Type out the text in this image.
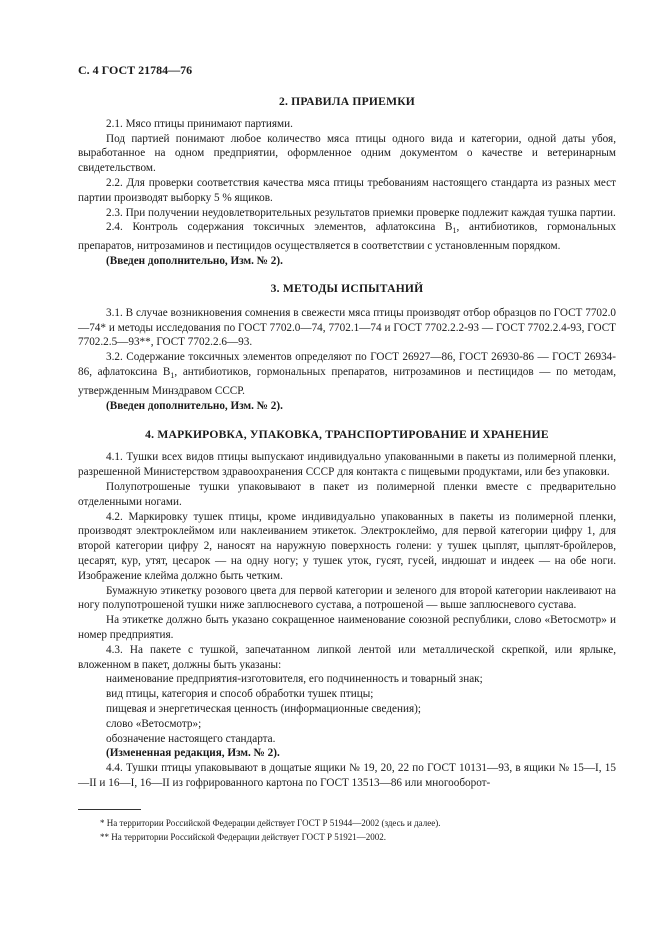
С. 4 ГОСТ 21784—76
2. ПРАВИЛА ПРИЕМКИ

2.1. Мясо птицы принимают партиями.

Под партией понимают любое количество мяса птицы одного вида и категории, одной даты убоя, выработанное на одном предприятии, оформленное одним документом о качестве и ветеринарным свидетельством.

2.2. Для проверки соответствия качества мяса птицы требованиям настоящего стандарта из разных мест партии производят выборку 5 % ящиков.

2.3. При получении неудовлетворительных результатов приемки проверке подлежит каждая тушка партии.

2.4. Контроль содержания токсичных элементов, афлатоксина $B_1$, антибиотиков, гормональных препаратов, нитрозаминов и пестицидов осуществляется в соответствии с установленным порядком.

(Введен дополнительно, Изм. № 2).

3. МЕТОДЫ ИСПЫТАНИЙ

3.1. В случае возникновения сомнения в свежести мяса птицы производят отбор образцов по ГОСТ 7702.0—74* и методы исследования по ГОСТ 7702.0—74, 7702.1—74 и ГОСТ 7702.2.2-93 — ГОСТ 7702.2.4-93, ГОСТ 7702.2.5—93**, ГОСТ 7702.2.6—93.

3.2. Содержание токсичных элементов определяют по ГОСТ 26927—86, ГОСТ 26930-86 — ГОСТ 26934-86, афлатоксина $B_1$, антибиотиков, гормональных препаратов, нитрозаминов и пестицидов — по методам, утвержденным Минздравом СССР.

(Введен дополнительно, Изм. № 2).

4. МАРКИРОВКА, УПАКОВКА, ТРАНСПОРТИРОВАНИЕ И ХРАНЕНИЕ

4.1. Тушки всех видов птицы выпускают индивидуально упакованными в пакеты из полимерной пленки, разрешенной Министерством здравоохранения СССР для контакта с пищевыми продуктами, или без упаковки.

Полупотрошеные тушки упаковывают в пакет из полимерной пленки вместе с предварительно отделенными ногами.

4.2. Маркировку тушек птицы, кроме индивидуально упакованных в пакеты из полимерной пленки, производят электроклеймом или наклеиванием этикеток. Электроклеймо, для первой категории цифру 1, для второй категории цифру 2, наносят на наружную поверхность голени: у тушек цыплят, цыплят-бройлеров, цесарят, кур, утят, цесарок — на одну ногу; у тушек уток, гусят, гусей, индюшат и индеек — на обе ноги. Изображение клейма должно быть четким.

Бумажную этикетку розового цвета для первой категории и зеленого для второй категории наклеивают на ногу полупотрошеной тушки ниже заплюсневого сустава, а потрошеной — выше заплюсневого сустава.

На этикетке должно быть указано сокращенное наименование союзной республики, слово «Ветосмотр» и номер предприятия.

4.3. На пакете с тушкой, запечатанном липкой лентой или металлической скрепкой, или ярлыке, вложенном в пакет, должны быть указаны:

наименование предприятия-изготовителя, его подчиненность и товарный знак;

вид птицы, категория и способ обработки тушек птицы;

пищевая и энергетическая ценность (информационные сведения);

слово «Ветосмотр»;

обозначение настоящего стандарта.

(Измененная редакция, Изм. № 2).

4.4. Тушки птицы упаковывают в дощатые ящики № 19, 20, 22 по ГОСТ 10131—93, в ящики № 15—I, 15—II и 16—I, 16—II из гофрированного картона по ГОСТ 13513—86 или многооборот-

* На территории Российской Федерации действует ГОСТ Р 51944—2002 (здесь и далее).
** На территории Российской Федерации действует ГОСТ Р 51921—2002.
